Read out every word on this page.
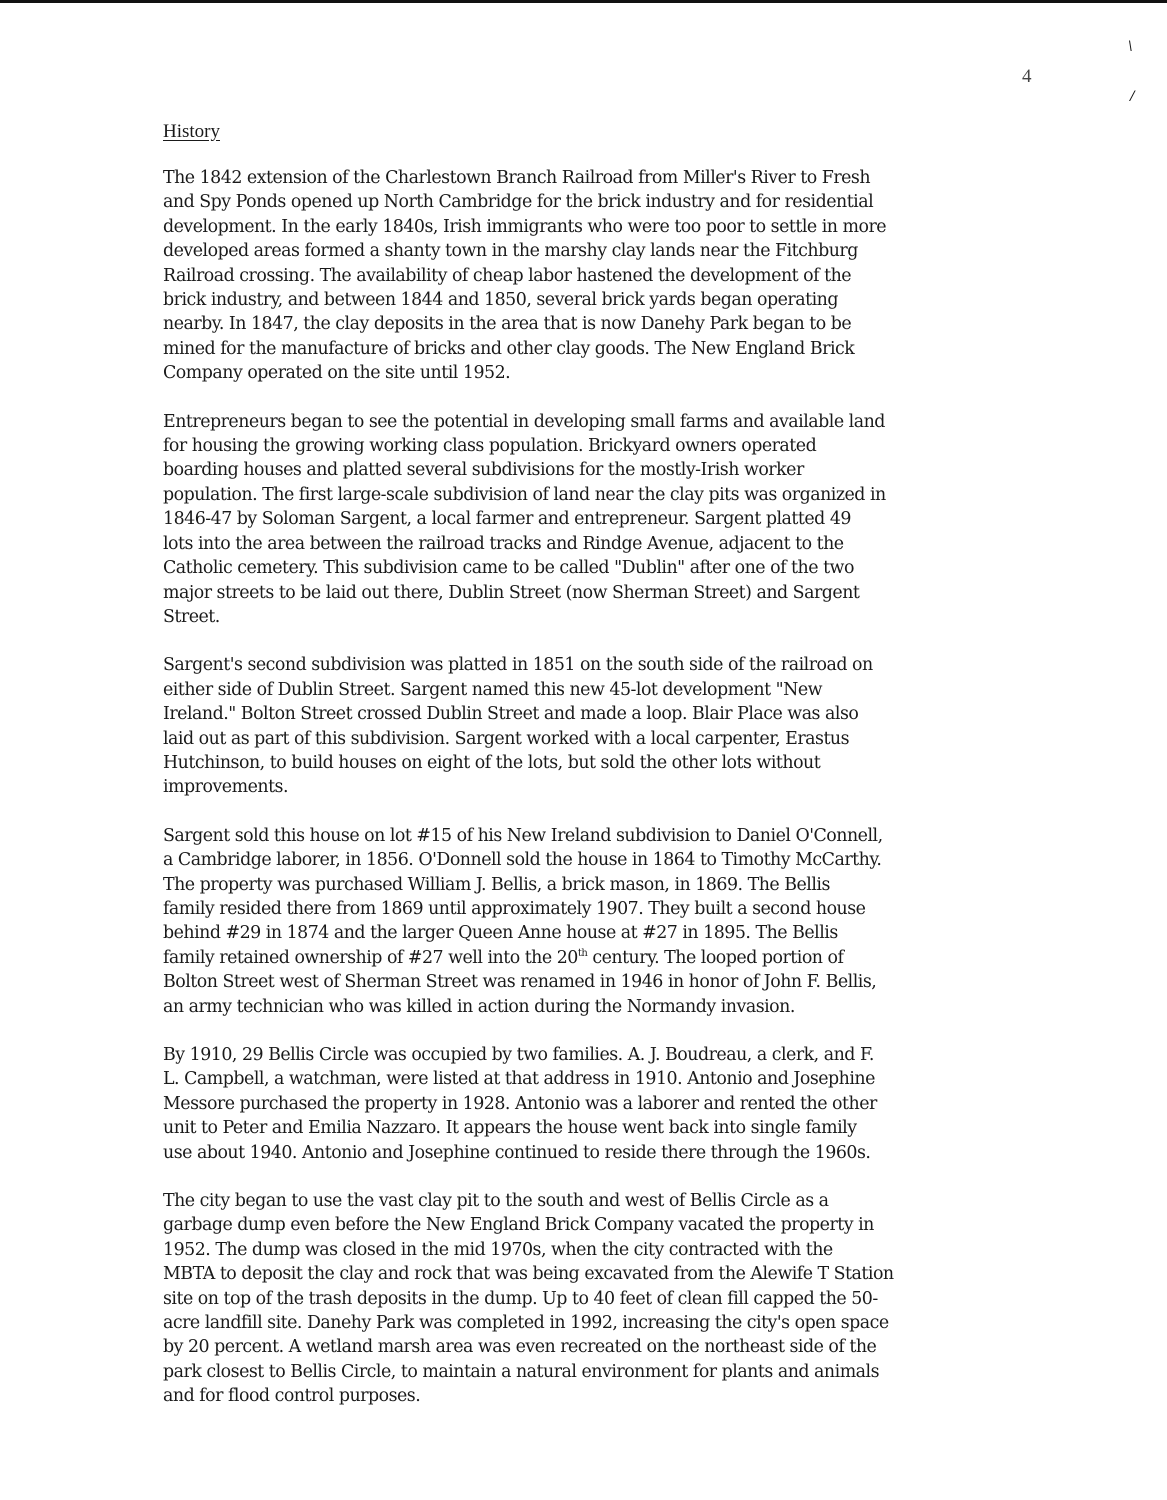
4
\
/
History
The 1842 extension of the Charlestown Branch Railroad from Miller's River to Fresh
and Spy Ponds opened up North Cambridge for the brick industry and for residential
development. In the early 1840s, Irish immigrants who were too poor to settle in more
developed areas formed a shanty town in the marshy clay lands near the Fitchburg
Railroad crossing. The availability of cheap labor hastened the development of the
brick industry, and between 1844 and 1850, several brick yards began operating
nearby. In 1847, the clay deposits in the area that is now Danehy Park began to be
mined for the manufacture of bricks and other clay goods. The New England Brick
Company operated on the site until 1952.
Entrepreneurs began to see the potential in developing small farms and available land
for housing the growing working class population. Brickyard owners operated
boarding houses and platted several subdivisions for the mostly-Irish worker
population. The first large-scale subdivision of land near the clay pits was organized in
1846-47 by Soloman Sargent, a local farmer and entrepreneur. Sargent platted 49
lots into the area between the railroad tracks and Rindge Avenue, adjacent to the
Catholic cemetery. This subdivision came to be called "Dublin" after one of the two
major streets to be laid out there, Dublin Street (now Sherman Street) and Sargent
Street.
Sargent's second subdivision was platted in 1851 on the south side of the railroad on
either side of Dublin Street. Sargent named this new 45-lot development "New
Ireland." Bolton Street crossed Dublin Street and made a loop. Blair Place was also
laid out as part of this subdivision. Sargent worked with a local carpenter, Erastus
Hutchinson, to build houses on eight of the lots, but sold the other lots without
improvements.
Sargent sold this house on lot #15 of his New Ireland subdivision to Daniel O'Connell,
a Cambridge laborer, in 1856. O'Donnell sold the house in 1864 to Timothy McCarthy.
The property was purchased William J. Bellis, a brick mason, in 1869. The Bellis
family resided there from 1869 until approximately 1907. They built a second house
behind #29 in 1874 and the larger Queen Anne house at #27 in 1895. The Bellis
family retained ownership of #27 well into the 20th century. The looped portion of
Bolton Street west of Sherman Street was renamed in 1946 in honor of John F. Bellis,
an army technician who was killed in action during the Normandy invasion.
By 1910, 29 Bellis Circle was occupied by two families. A. J. Boudreau, a clerk, and F.
L. Campbell, a watchman, were listed at that address in 1910. Antonio and Josephine
Messore purchased the property in 1928. Antonio was a laborer and rented the other
unit to Peter and Emilia Nazzaro. It appears the house went back into single family
use about 1940. Antonio and Josephine continued to reside there through the 1960s.
The city began to use the vast clay pit to the south and west of Bellis Circle as a
garbage dump even before the New England Brick Company vacated the property in
1952. The dump was closed in the mid 1970s, when the city contracted with the
MBTA to deposit the clay and rock that was being excavated from the Alewife T Station
site on top of the trash deposits in the dump. Up to 40 feet of clean fill capped the 50-
acre landfill site. Danehy Park was completed in 1992, increasing the city's open space
by 20 percent. A wetland marsh area was even recreated on the northeast side of the
park closest to Bellis Circle, to maintain a natural environment for plants and animals
and for flood control purposes.
